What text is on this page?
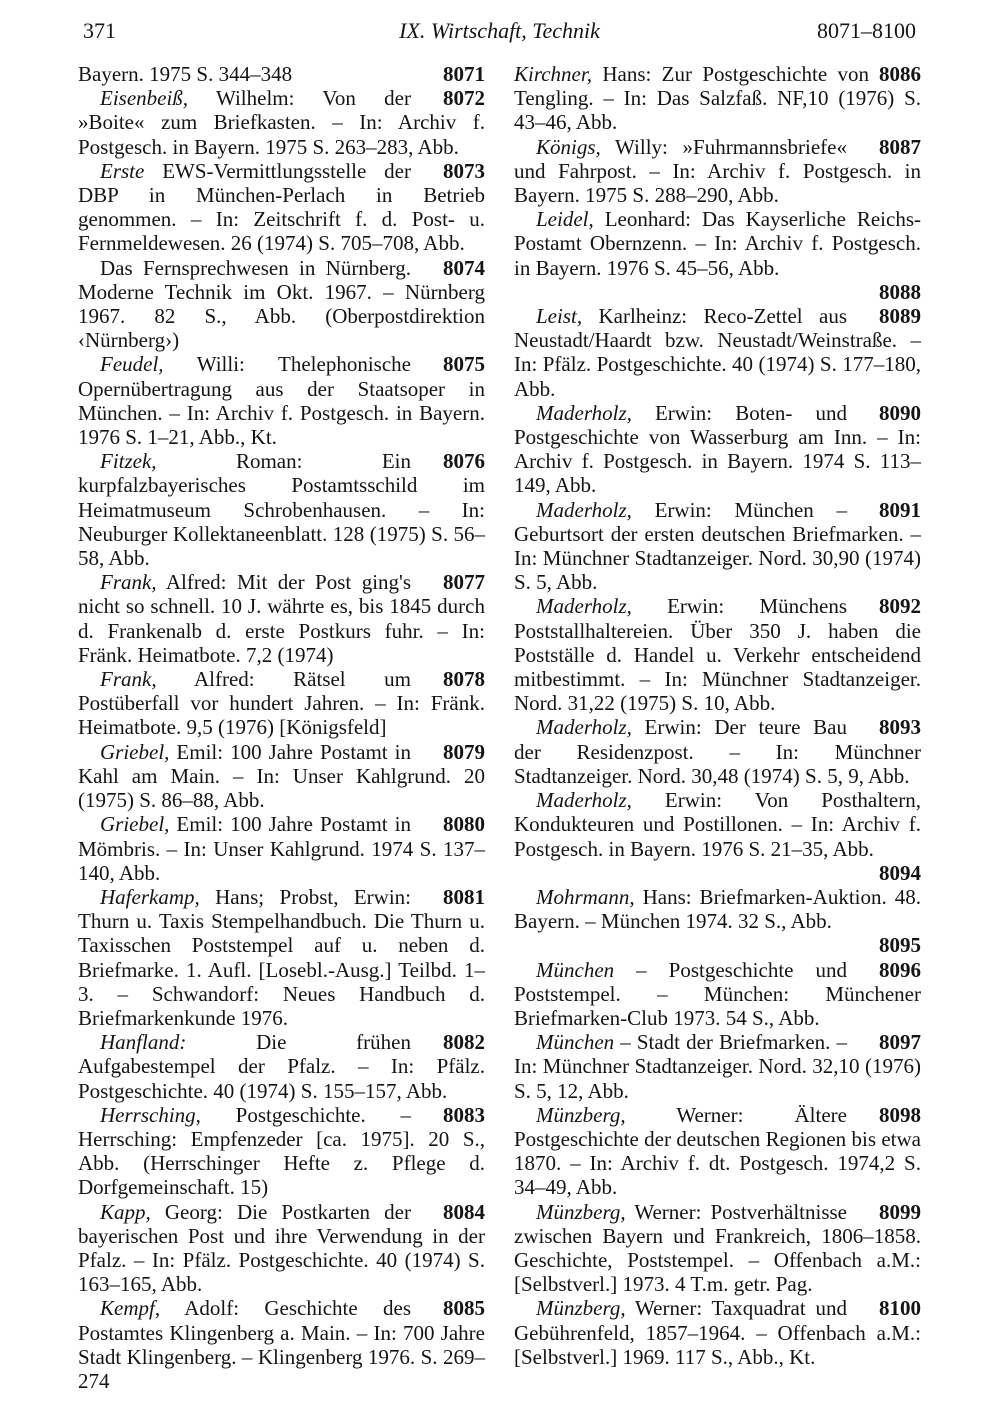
371	IX. Wirtschaft, Technik	8071–8100

8071
Bayern. 1975 S. 344–348

8072
Eisenbeiß, Wilhelm: Von der »Boite« zum Briefkasten. – In: Archiv f. Postgesch. in Bayern. 1975 S. 263–283, Abb.

8073
Erste EWS-Vermittlungsstelle der DBP in München-Perlach in Betrieb genommen. – In: Zeitschrift f. d. Post- u. Fernmeldewesen. 26 (1974) S. 705–708, Abb.

8074
Das Fernsprechwesen in Nürnberg. Moderne Technik im Okt. 1967. – Nürnberg 1967. 82 S., Abb. (Oberpostdirektion ‹Nürnberg›)

8075
Feudel, Willi: Thelephonische Opernübertragung aus der Staatsoper in München. – In: Archiv f. Postgesch. in Bayern. 1976 S. 1–21, Abb., Kt.

8076
Fitzek, Roman: Ein kurpfalzbayerisches Postamtsschild im Heimatmuseum Schrobenhausen. – In: Neuburger Kollektaneenblatt. 128 (1975) S. 56–58, Abb.

8077
Frank, Alfred: Mit der Post ging's nicht so schnell. 10 J. währte es, bis 1845 durch d. Frankenalb d. erste Postkurs fuhr. – In: Fränk. Heimatbote. 7,2 (1974)

8078
Frank, Alfred: Rätsel um Postüberfall vor hundert Jahren. – In: Fränk. Heimatbote. 9,5 (1976) [Königsfeld]

8079
Griebel, Emil: 100 Jahre Postamt in Kahl am Main. – In: Unser Kahlgrund. 20 (1975) S. 86–88, Abb.

8080
Griebel, Emil: 100 Jahre Postamt in Mömbris. – In: Unser Kahlgrund. 1974 S. 137–140, Abb.

8081
Haferkamp, Hans; Probst, Erwin: Thurn u. Taxis Stempelhandbuch. Die Thurn u. Taxisschen Poststempel auf u. neben d. Briefmarke. 1. Aufl. [Losebl.-Ausg.] Teilbd. 1–3. – Schwandorf: Neues Handbuch d. Briefmarkenkunde 1976.

8082
Hanfland: Die frühen Aufgabestempel der Pfalz. – In: Pfälz. Postgeschichte. 40 (1974) S. 155–157, Abb.

8083
Herrsching, Postgeschichte. – Herrsching: Empfenzeder [ca. 1975]. 20 S., Abb. (Herrschinger Hefte z. Pflege d. Dorfgemeinschaft. 15)

8084
Kapp, Georg: Die Postkarten der bayerischen Post und ihre Verwendung in der Pfalz. – In: Pfälz. Postgeschichte. 40 (1974) S. 163–165, Abb.

8085
Kempf, Adolf: Geschichte des Postamtes Klingenberg a. Main. – In: 700 Jahre Stadt Klingenberg. – Klingenberg 1976. S. 269–274

8086
Kirchner, Hans: Zur Postgeschichte von Tengling. – In: Das Salzfaß. NF,10 (1976) S. 43–46, Abb.

8087
Königs, Willy: »Fuhrmannsbriefe« und Fahrpost. – In: Archiv f. Postgesch. in Bayern. 1975 S. 288–290, Abb.

Leidel, Leonhard: Das Kayserliche Reichs-Postamt Obernzenn. – In: Archiv f. Postgesch. in Bayern. 1976 S. 45–56, Abb.
8088

8089
Leist, Karlheinz: Reco-Zettel aus Neustadt/Haardt bzw. Neustadt/Weinstraße. – In: Pfälz. Postgeschichte. 40 (1974) S. 177–180, Abb.

8090
Maderholz, Erwin: Boten- und Postgeschichte von Wasserburg am Inn. – In: Archiv f. Postgesch. in Bayern. 1974 S. 113–149, Abb.

8091
Maderholz, Erwin: München – Geburtsort der ersten deutschen Briefmarken. – In: Münchner Stadtanzeiger. Nord. 30,90 (1974) S. 5, Abb.

8092
Maderholz, Erwin: Münchens Poststallhaltereien. Über 350 J. haben die Postställe d. Handel u. Verkehr entscheidend mitbestimmt. – In: Münchner Stadtanzeiger. Nord. 31,22 (1975) S. 10, Abb.

8093
Maderholz, Erwin: Der teure Bau der Residenzpost. – In: Münchner Stadtanzeiger. Nord. 30,48 (1974) S. 5, 9, Abb.

Maderholz, Erwin: Von Posthaltern, Kondukteuren und Postillonen. – In: Archiv f. Postgesch. in Bayern. 1976 S. 21–35, Abb.
8094

Mohrmann, Hans: Briefmarken-Auktion. 48. Bayern. – München 1974. 32 S., Abb.
8095

8096
München – Postgeschichte und Poststempel. – München: Münchener Briefmarken-Club 1973. 54 S., Abb.

8097
München – Stadt der Briefmarken. – In: Münchner Stadtanzeiger. Nord. 32,10 (1976) S. 5, 12, Abb.

8098
Münzberg, Werner: Ältere Postgeschichte der deutschen Regionen bis etwa 1870. – In: Archiv f. dt. Postgesch. 1974,2 S. 34–49, Abb.

8099
Münzberg, Werner: Postverhältnisse zwischen Bayern und Frankreich, 1806–1858. Geschichte, Poststempel. – Offenbach a.M.: [Selbstverl.] 1973. 4 T.m. getr. Pag.

8100
Münzberg, Werner: Taxquadrat und Gebührenfeld, 1857–1964. – Offenbach a.M.: [Selbstverl.] 1969. 117 S., Abb., Kt.
